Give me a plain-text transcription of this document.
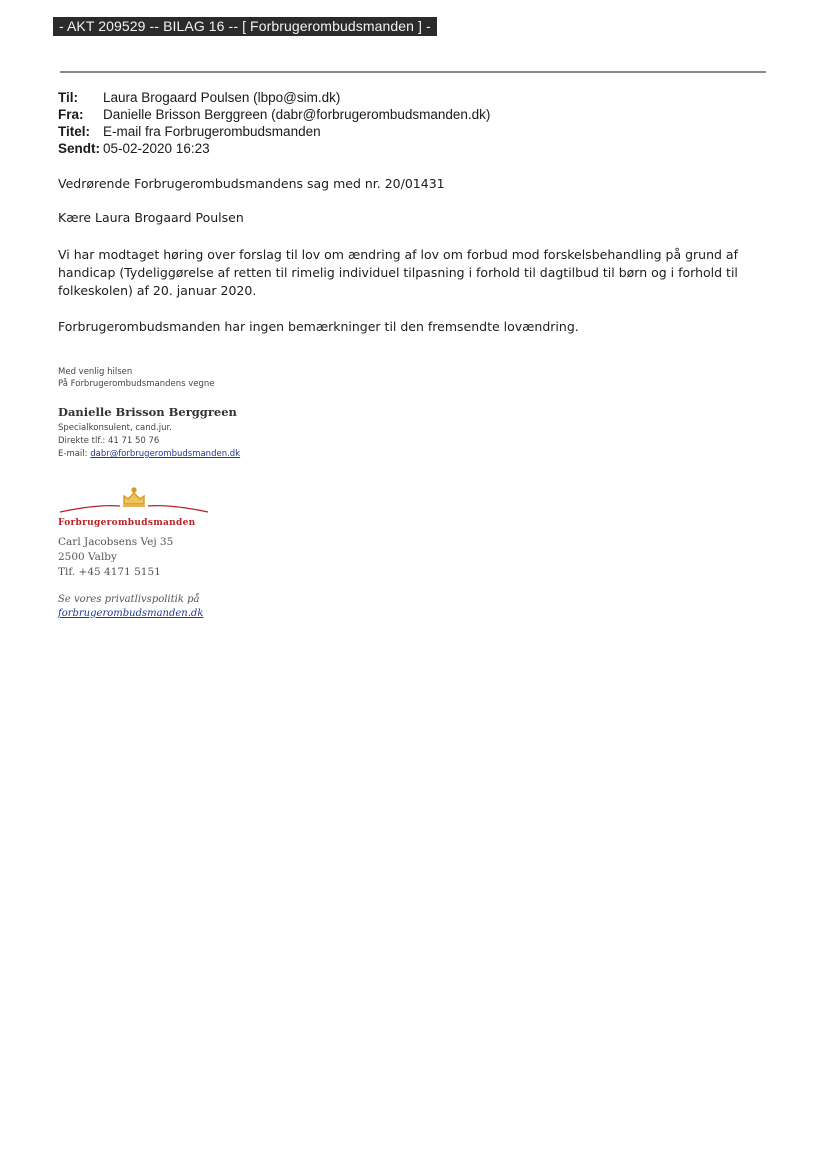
- AKT 209529 -- BILAG 16 -- [ Forbrugerombudsmanden ] -
Til:	Laura Brogaard Poulsen (lbpo@sim.dk)
Fra:	Danielle Brisson Berggreen (dabr@forbrugerombudsmanden.dk)
Titel: E-mail fra Forbrugerombudsmanden
Sendt: 05-02-2020 16:23
Vedrørende Forbrugerombudsmandens sag med nr. 20/01431
Kære Laura Brogaard Poulsen
Vi har modtaget høring over forslag til lov om ændring af lov om forbud mod forskelsbehandling på grund af handicap (Tydeliggørelse af retten til rimelig individuel tilpasning i forhold til dagtilbud til børn og i forhold til folkeskolen) af 20. januar 2020.
Forbrugerombudsmanden har ingen bemærkninger til den fremsendte lovændring.
Med venlig hilsen
På Forbrugerombudsmandens vegne
Danielle Brisson Berggreen
Specialkonsulent, cand.jur.
Direkte tlf.: 41 71 50 76
E-mail: dabr@forbrugerombudsmanden.dk
Forbrugerombudsmanden
Carl Jacobsens Vej 35
2500 Valby
Tlf. +45 4171 5151
Se vores privatlivspolitik på
forbrugerombudsmanden.dk
